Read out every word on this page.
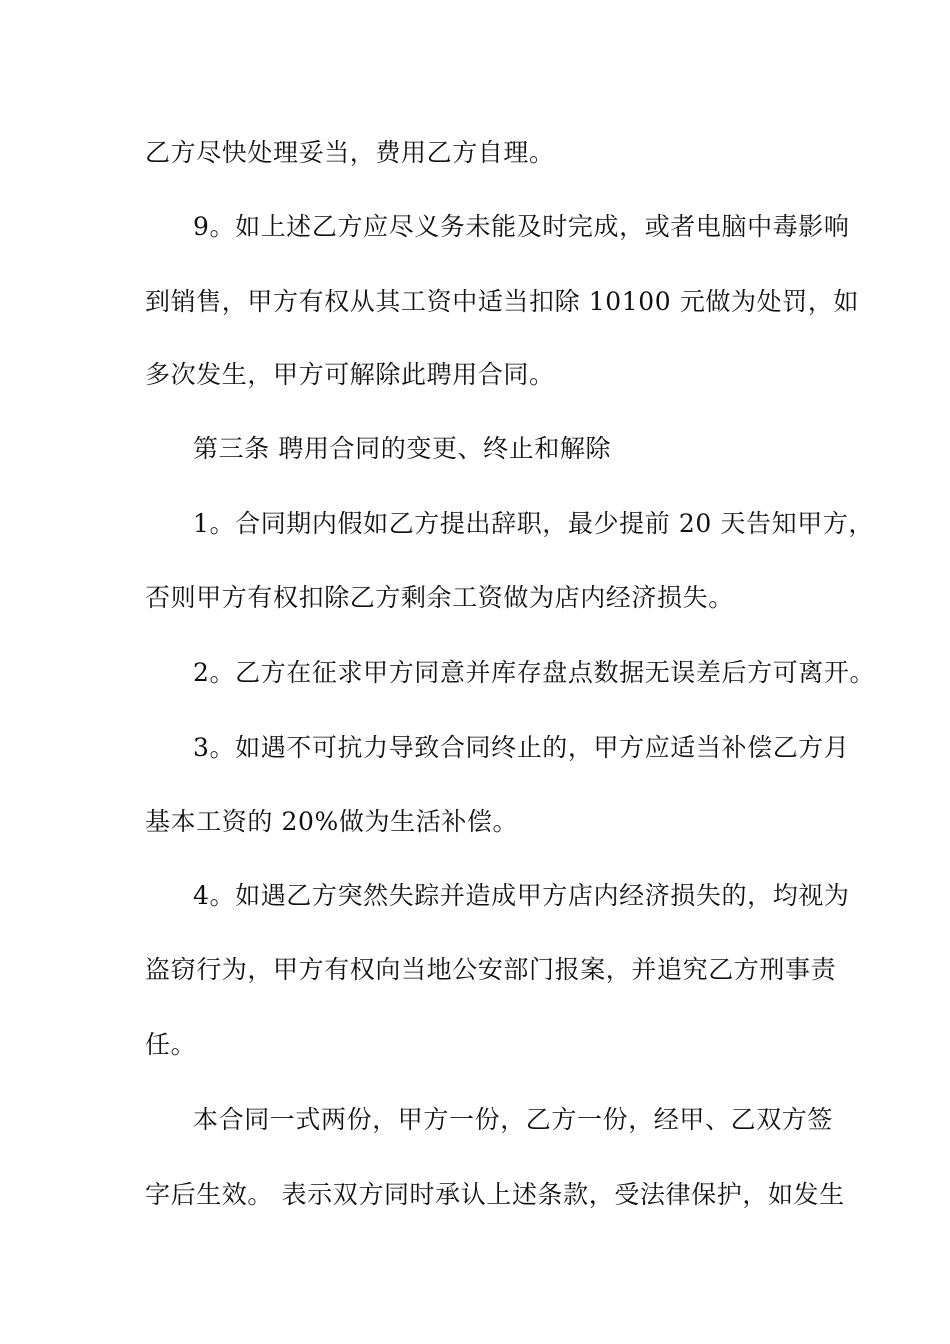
乙方尽快处理妥当，费用乙方自理。
9。如上述乙方应尽义务未能及时完成，或者电脑中毒影响
到销售，甲方有权从其工资中适当扣除 10100 元做为处罚，如
多次发生，甲方可解除此聘用合同。
第三条 聘用合同的变更、终止和解除
1。合同期内假如乙方提出辞职，最少提前 20 天告知甲方，
否则甲方有权扣除乙方剩余工资做为店内经济损失。
2。乙方在征求甲方同意并库存盘点数据无误差后方可离开。
3。如遇不可抗力导致合同终止的，甲方应适当补偿乙方月
基本工资的 20%做为生活补偿。
4。如遇乙方突然失踪并造成甲方店内经济损失的，均视为
盗窃行为，甲方有权向当地公安部门报案，并追究乙方刑事责
任。
本合同一式两份，甲方一份，乙方一份，经甲、乙双方签
字后生效。 表示双方同时承认上述条款，受法律保护，如发生
